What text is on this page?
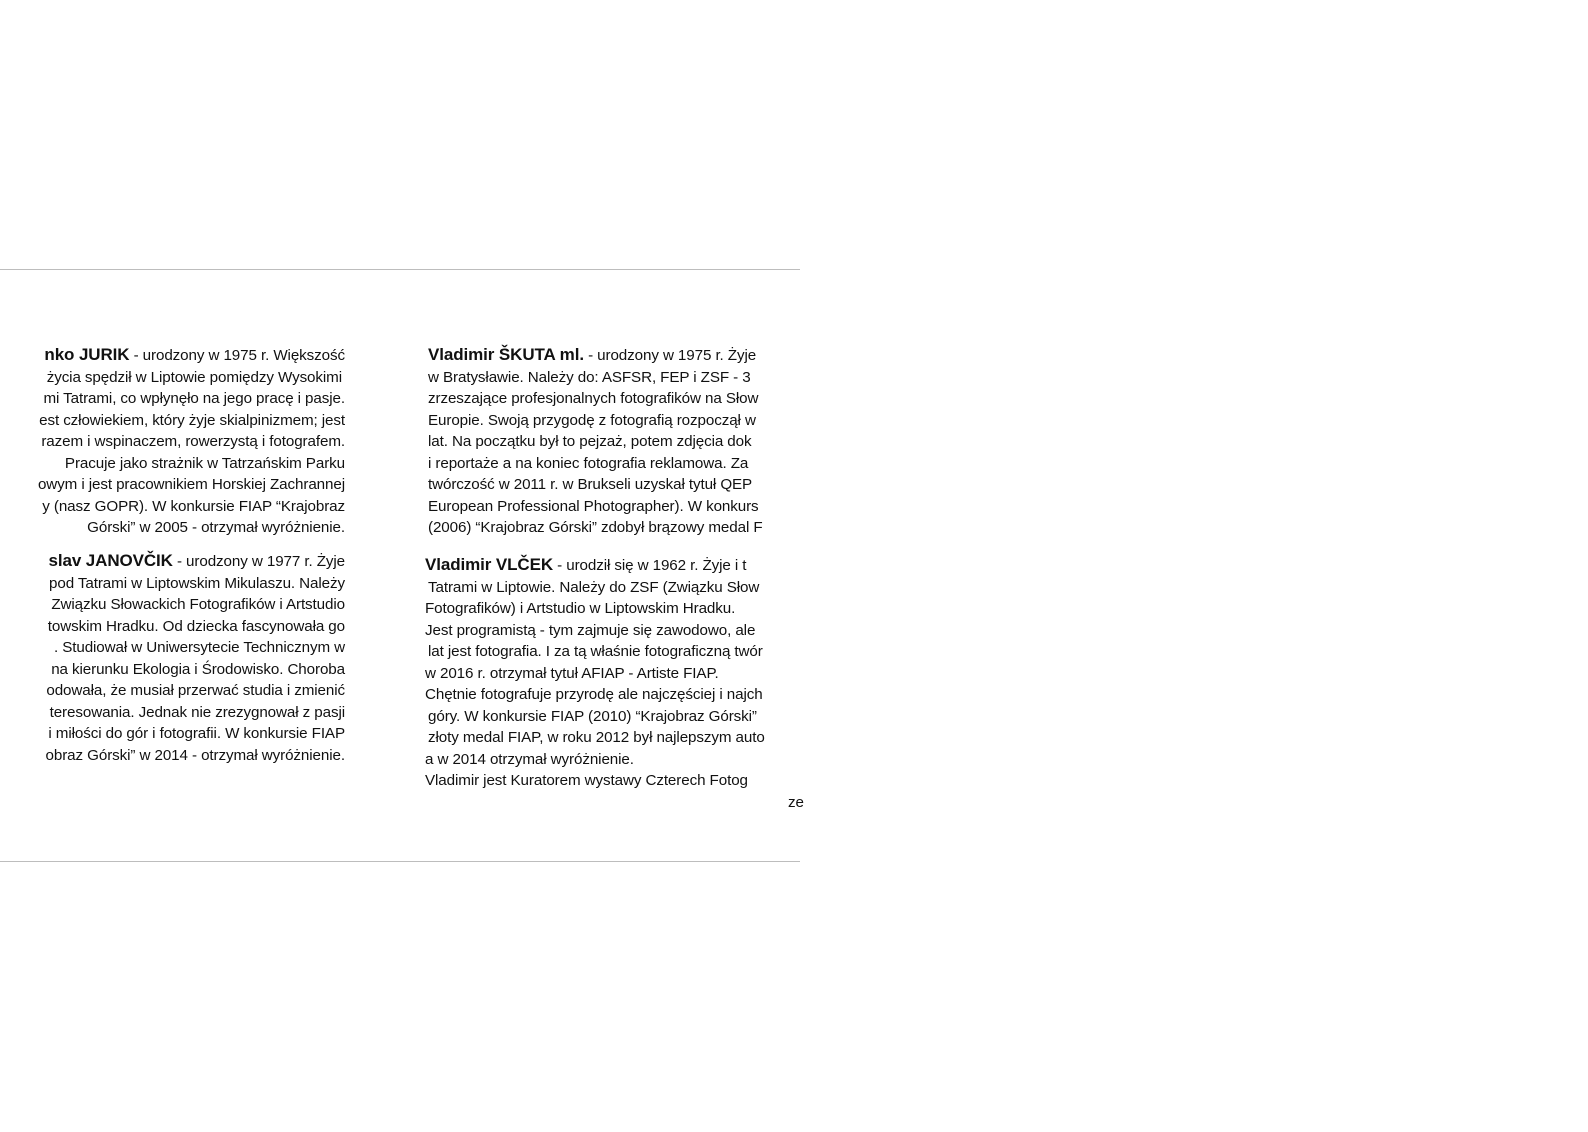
nko JURIK - urodzony w 1975 r. Większość
życia spędził w Liptowie pomiędzy Wysokimi
mi Tatrami, co wpłynęło na jego pracę i pasje.
est człowiekiem, który żyje skialpinizmem; jest
razem i wspinaczem, rowerzystą i fotografem.
Pracuje jako strażnik w Tatrzańskim Parku
owym i jest pracownikiem Horskiej Zachrannej
y (nasz GOPR). W konkursie FIAP “Krajobraz
Górski” w 2005 - otrzymał wyróżnienie.
slav JANOVČIK - urodzony w 1977 r. Żyje
pod Tatrami w Liptowskim Mikulaszu. Należy
Związku Słowackich Fotografików i Artstudio
towskim Hradku. Od dziecka fascynowała go
. Studiował w Uniwersytecie Technicznym w
na kierunku Ekologia i Środowisko. Choroba
odowała, że musiał przerwać studia i zmienić
teresowania. Jednak nie zrezygnował z pasji
i miłości do gór i fotografii. W konkursie FIAP
obraz Górski” w 2014 - otrzymał wyróżnienie.
Vladimir ŠKUTA ml. - urodzony w 1975 r. Żyje
w Bratysławie. Należy do: ASFSR, FEP i ZSF - 3
zrzeszające profesjonalnych fotografików na Słow
Europie. Swoją przygodę z fotografią rozpoczął w
lat. Na początku był to pejzaż, potem zdjęcia dok
i reportaże a na koniec fotografia reklamowa. Za
twórczość w 2011 r. w Brukseli uzyskał tytuł QEP
European Professional Photographer). W konkurs
(2006) “Krajobraz Górski” zdobył brązowy medal F
Vladimir VLČEK - urodził się w 1962 r. Żyje i t
Tatrami w Liptowie. Należy do ZSF (Związku Słow
Fotografików) i Artstudio w Liptowskim Hradku.
Jest programistą - tym zajmuje się zawodowo, ale
lat jest fotografia. I za tą właśnie fotograficzną twór
w 2016 r. otrzymał tytuł AFIAP - Artiste FIAP.
Chętnie fotografuje przyrodę ale najczęściej i najch
góry. W konkursie FIAP (2010) “Krajobraz Górski”
złoty medal FIAP, w roku 2012 był najlepszym auto
a w 2014 otrzymał wyróżnienie.
Vladimir jest Kuratorem wystawy Czterech Fotog
ze
